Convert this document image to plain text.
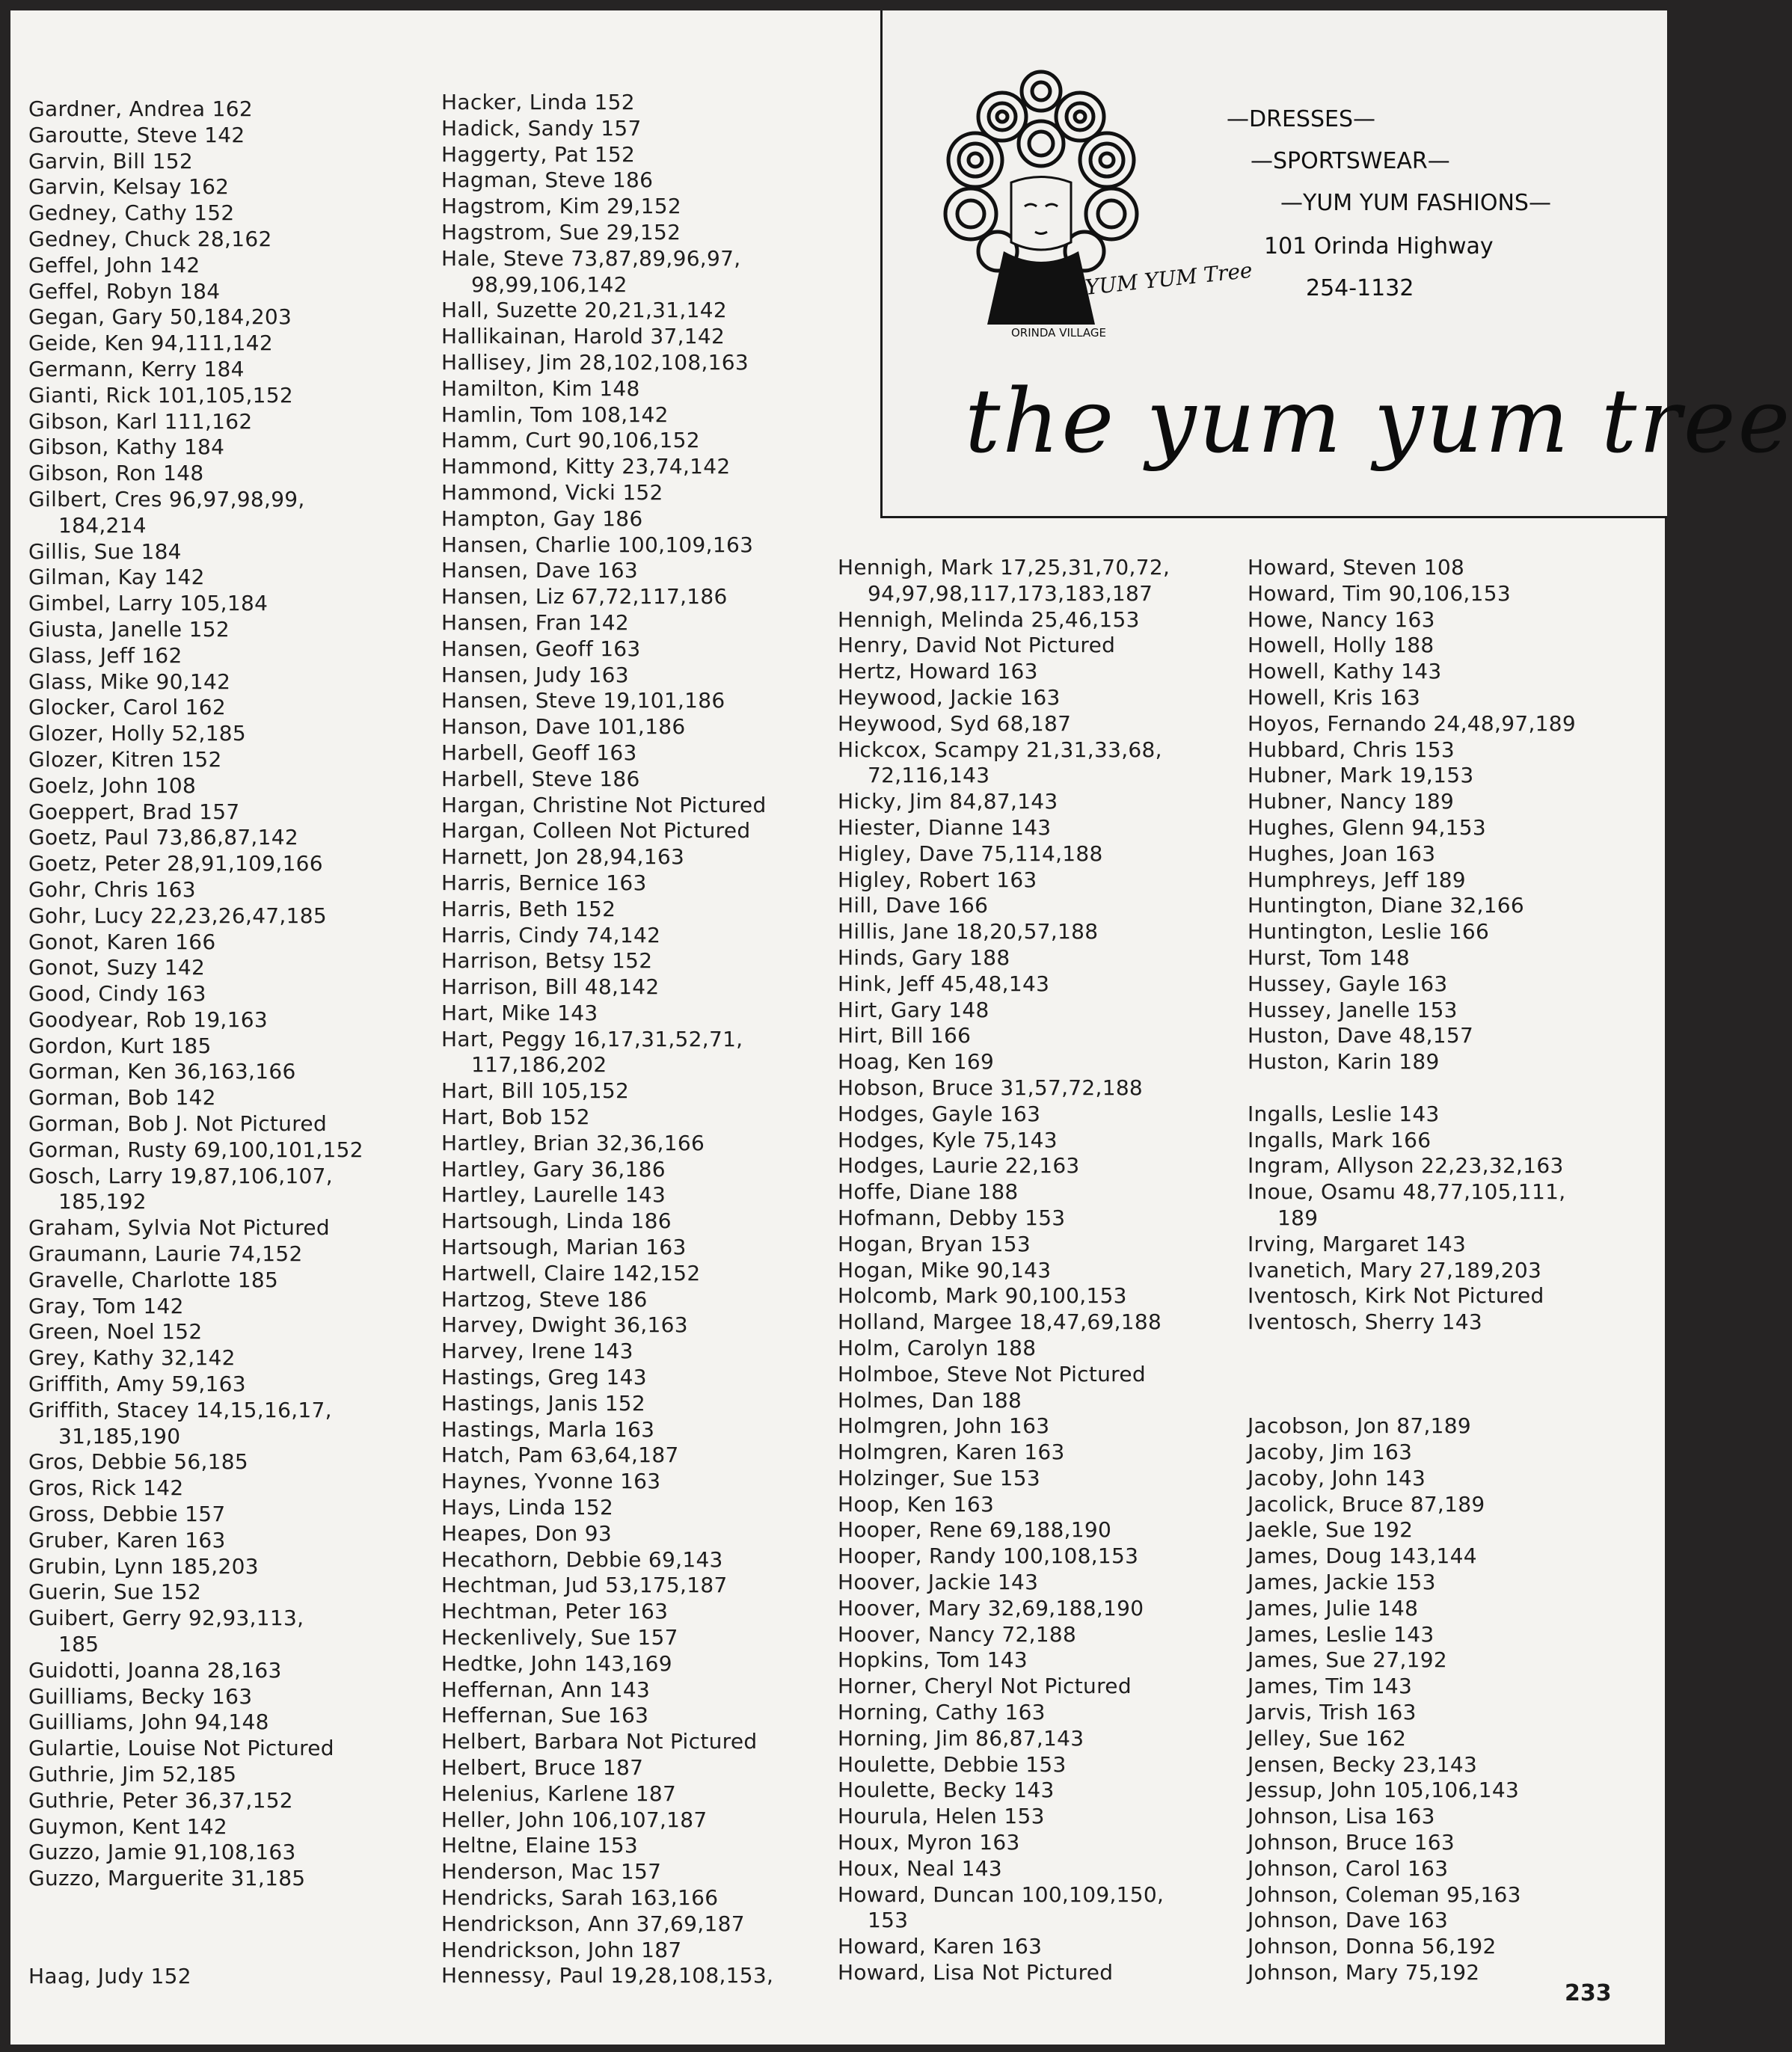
Gardner, Andrea 162
Garoutte, Steve 142
Garvin, Bill 152
Garvin, Kelsay 162
Gedney, Cathy 152
Gedney, Chuck 28,162
Geffel, John 142
Geffel, Robyn 184
Gegan, Gary 50,184,203
Geide, Ken 94,111,142
Germann, Kerry 184
Gianti, Rick 101,105,152
Gibson, Karl 111,162
Gibson, Kathy 184
Gibson, Ron 148
Gilbert, Cres 96,97,98,99,
184,214
Gillis, Sue 184
Gilman, Kay 142
Gimbel, Larry 105,184
Giusta, Janelle 152
Glass, Jeff 162
Glass, Mike 90,142
Glocker, Carol 162
Glozer, Holly 52,185
Glozer, Kitren 152
Goelz, John 108
Goeppert, Brad 157
Goetz, Paul 73,86,87,142
Goetz, Peter 28,91,109,166
Gohr, Chris 163
Gohr, Lucy 22,23,26,47,185
Gonot, Karen 166
Gonot, Suzy 142
Good, Cindy 163
Goodyear, Rob 19,163
Gordon, Kurt 185
Gorman, Ken 36,163,166
Gorman, Bob 142
Gorman, Bob J. Not Pictured
Gorman, Rusty 69,100,101,152
Gosch, Larry 19,87,106,107,
185,192
Graham, Sylvia Not Pictured
Graumann, Laurie 74,152
Gravelle, Charlotte 185
Gray, Tom 142
Green, Noel 152
Grey, Kathy 32,142
Griffith, Amy 59,163
Griffith, Stacey 14,15,16,17,
31,185,190
Gros, Debbie 56,185
Gros, Rick 142
Gross, Debbie 157
Gruber, Karen 163
Grubin, Lynn 185,203
Guerin, Sue 152
Guibert, Gerry 92,93,113,
185
Guidotti, Joanna 28,163
Guilliams, Becky 163
Guilliams, John 94,148
Gulartie, Louise Not Pictured
Guthrie, Jim 52,185
Guthrie, Peter 36,37,152
Guymon, Kent 142
Guzzo, Jamie 91,108,163
Guzzo, Marguerite 31,185
Haag, Judy 152
Hacker, Linda 152
Hadick, Sandy 157
Haggerty, Pat 152
Hagman, Steve 186
Hagstrom, Kim 29,152
Hagstrom, Sue 29,152
Hale, Steve 73,87,89,96,97,
98,99,106,142
Hall, Suzette 20,21,31,142
Hallikainan, Harold 37,142
Hallisey, Jim 28,102,108,163
Hamilton, Kim 148
Hamlin, Tom 108,142
Hamm, Curt 90,106,152
Hammond, Kitty 23,74,142
Hammond, Vicki 152
Hampton, Gay 186
Hansen, Charlie 100,109,163
Hansen, Dave 163
Hansen, Liz 67,72,117,186
Hansen, Fran 142
Hansen, Geoff 163
Hansen, Judy 163
Hansen, Steve 19,101,186
Hanson, Dave 101,186
Harbell, Geoff 163
Harbell, Steve 186
Hargan, Christine Not Pictured
Hargan, Colleen Not Pictured
Harnett, Jon 28,94,163
Harris, Bernice 163
Harris, Beth 152
Harris, Cindy 74,142
Harrison, Betsy 152
Harrison, Bill 48,142
Hart, Mike 143
Hart, Peggy 16,17,31,52,71,
117,186,202
Hart, Bill 105,152
Hart, Bob 152
Hartley, Brian 32,36,166
Hartley, Gary 36,186
Hartley, Laurelle 143
Hartsough, Linda 186
Hartsough, Marian 163
Hartwell, Claire 142,152
Hartzog, Steve 186
Harvey, Dwight 36,163
Harvey, Irene 143
Hastings, Greg 143
Hastings, Janis 152
Hastings, Marla 163
Hatch, Pam 63,64,187
Haynes, Yvonne 163
Hays, Linda 152
Heapes, Don 93
Hecathorn, Debbie 69,143
Hechtman, Jud 53,175,187
Hechtman, Peter 163
Heckenlively, Sue 157
Hedtke, John 143,169
Heffernan, Ann 143
Heffernan, Sue 163
Helbert, Barbara Not Pictured
Helbert, Bruce 187
Helenius, Karlene 187
Heller, John 106,107,187
Heltne, Elaine 153
Henderson, Mac 157
Hendricks, Sarah 163,166
Hendrickson, Ann 37,69,187
Hendrickson, John 187
Hennessy, Paul 19,28,108,153,
Hennigh, Mark 17,25,31,70,72,
94,97,98,117,173,183,187
Hennigh, Melinda 25,46,153
Henry, David Not Pictured
Hertz, Howard 163
Heywood, Jackie 163
Heywood, Syd 68,187
Hickcox, Scampy 21,31,33,68,
72,116,143
Hicky, Jim 84,87,143
Hiester, Dianne 143
Higley, Dave 75,114,188
Higley, Robert 163
Hill, Dave 166
Hillis, Jane 18,20,57,188
Hinds, Gary 188
Hink, Jeff 45,48,143
Hirt, Gary 148
Hirt, Bill 166
Hoag, Ken 169
Hobson, Bruce 31,57,72,188
Hodges, Gayle 163
Hodges, Kyle 75,143
Hodges, Laurie 22,163
Hoffe, Diane 188
Hofmann, Debby 153
Hogan, Bryan 153
Hogan, Mike 90,143
Holcomb, Mark 90,100,153
Holland, Margee 18,47,69,188
Holm, Carolyn 188
Holmboe, Steve Not Pictured
Holmes, Dan 188
Holmgren, John 163
Holmgren, Karen 163
Holzinger, Sue 153
Hoop, Ken 163
Hooper, Rene 69,188,190
Hooper, Randy 100,108,153
Hoover, Jackie 143
Hoover, Mary 32,69,188,190
Hoover, Nancy 72,188
Hopkins, Tom 143
Horner, Cheryl Not Pictured
Horning, Cathy 163
Horning, Jim 86,87,143
Houlette, Debbie 153
Houlette, Becky 143
Hourula, Helen 153
Houx, Myron 163
Houx, Neal 143
Howard, Duncan 100,109,150,
153
Howard, Karen 163
Howard, Lisa Not Pictured
Howard, Steven 108
Howard, Tim 90,106,153
Howe, Nancy 163
Howell, Holly 188
Howell, Kathy 143
Howell, Kris 163
Hoyos, Fernando 24,48,97,189
Hubbard, Chris 153
Hubner, Mark 19,153
Hubner, Nancy 189
Hughes, Glenn 94,153
Hughes, Joan 163
Humphreys, Jeff 189
Huntington, Diane 32,166
Huntington, Leslie 166
Hurst, Tom 148
Hussey, Gayle 163
Hussey, Janelle 153
Huston, Dave 48,157
Huston, Karin 189
Ingalls, Leslie 143
Ingalls, Mark 166
Ingram, Allyson 22,23,32,163
Inoue, Osamu 48,77,105,111,
189
Irving, Margaret 143
Ivanetich, Mary 27,189,203
Iventosch, Kirk Not Pictured
Iventosch, Sherry 143
Jacobson, Jon 87,189
Jacoby, Jim 163
Jacoby, John 143
Jacolick, Bruce 87,189
Jaekle, Sue 192
James, Doug 143,144
James, Jackie 153
James, Julie 148
James, Leslie 143
James, Sue 27,192
James, Tim 143
Jarvis, Trish 163
Jelley, Sue 162
Jensen, Becky 23,143
Jessup, John 105,106,143
Johnson, Lisa 163
Johnson, Bruce 163
Johnson, Carol 163
Johnson, Coleman 95,163
Johnson, Dave 163
Johnson, Donna 56,192
Johnson, Mary 75,192
YUM YUM Tree
ORINDA VILLAGE
—DRESSES—
—SPORTSWEAR—
—YUM YUM FASHIONS—
101 Orinda Highway
254-1132
the yum yum tree
233
